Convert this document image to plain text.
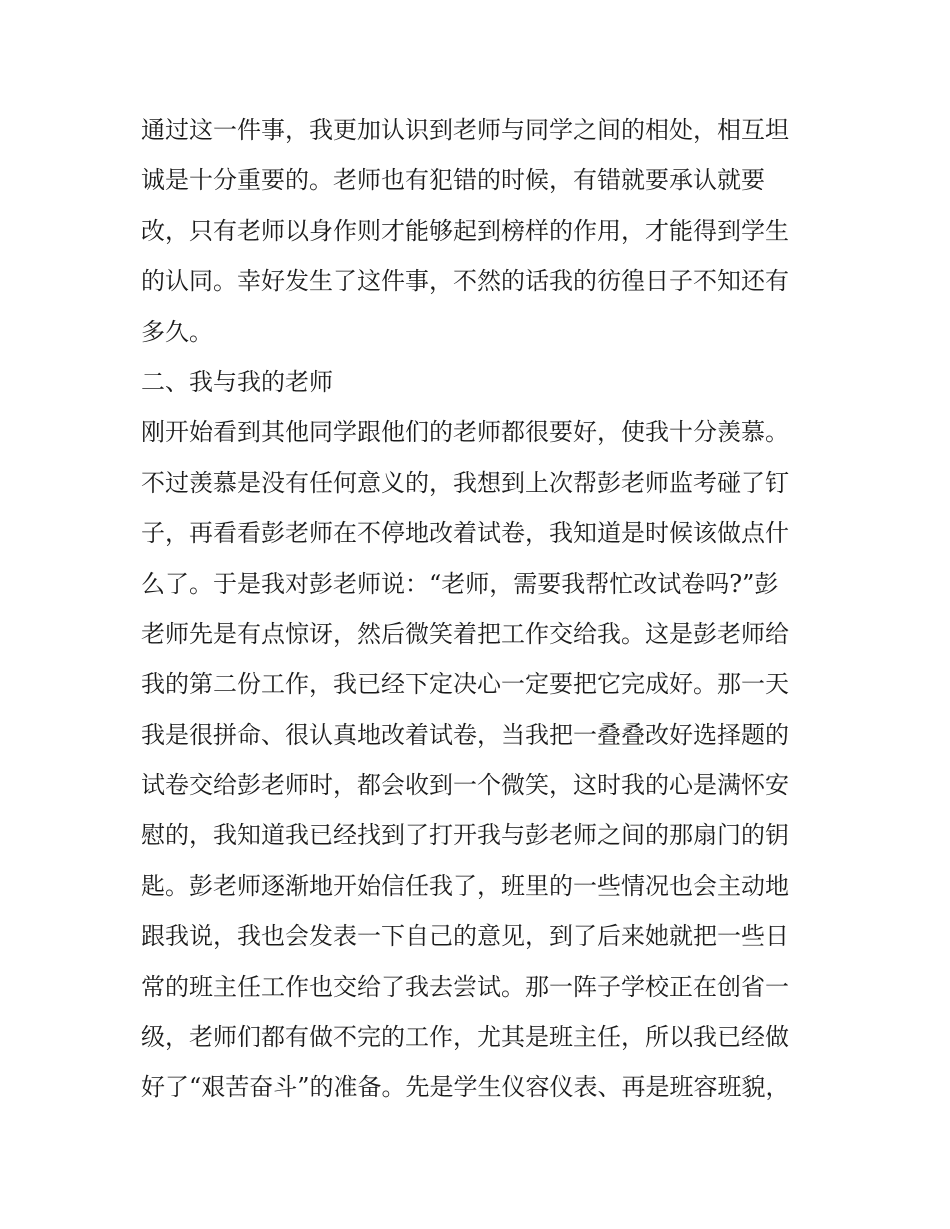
通过这一件事，我更加认识到老师与同学之间的相处，相互坦
诚是十分重要的。老师也有犯错的时候，有错就要承认就要
改，只有老师以身作则才能够起到榜样的作用，才能得到学生
的认同。幸好发生了这件事，不然的话我的彷徨日子不知还有
多久。
二、我与我的老师
刚开始看到其他同学跟他们的老师都很要好，使我十分羡慕。
不过羡慕是没有任何意义的，我想到上次帮彭老师监考碰了钉
子，再看看彭老师在不停地改着试卷，我知道是时候该做点什
么了。于是我对彭老师说：“老师，需要我帮忙改试卷吗?”彭
老师先是有点惊讶，然后微笑着把工作交给我。这是彭老师给
我的第二份工作，我已经下定决心一定要把它完成好。那一天
我是很拼命、很认真地改着试卷，当我把一叠叠改好选择题的
试卷交给彭老师时，都会收到一个微笑，这时我的心是满怀安
慰的，我知道我已经找到了打开我与彭老师之间的那扇门的钥
匙。彭老师逐渐地开始信任我了，班里的一些情况也会主动地
跟我说，我也会发表一下自己的意见，到了后来她就把一些日
常的班主任工作也交给了我去尝试。那一阵子学校正在创省一
级，老师们都有做不完的工作，尤其是班主任，所以我已经做
好了“艰苦奋斗”的准备。先是学生仪容仪表、再是班容班貌，
